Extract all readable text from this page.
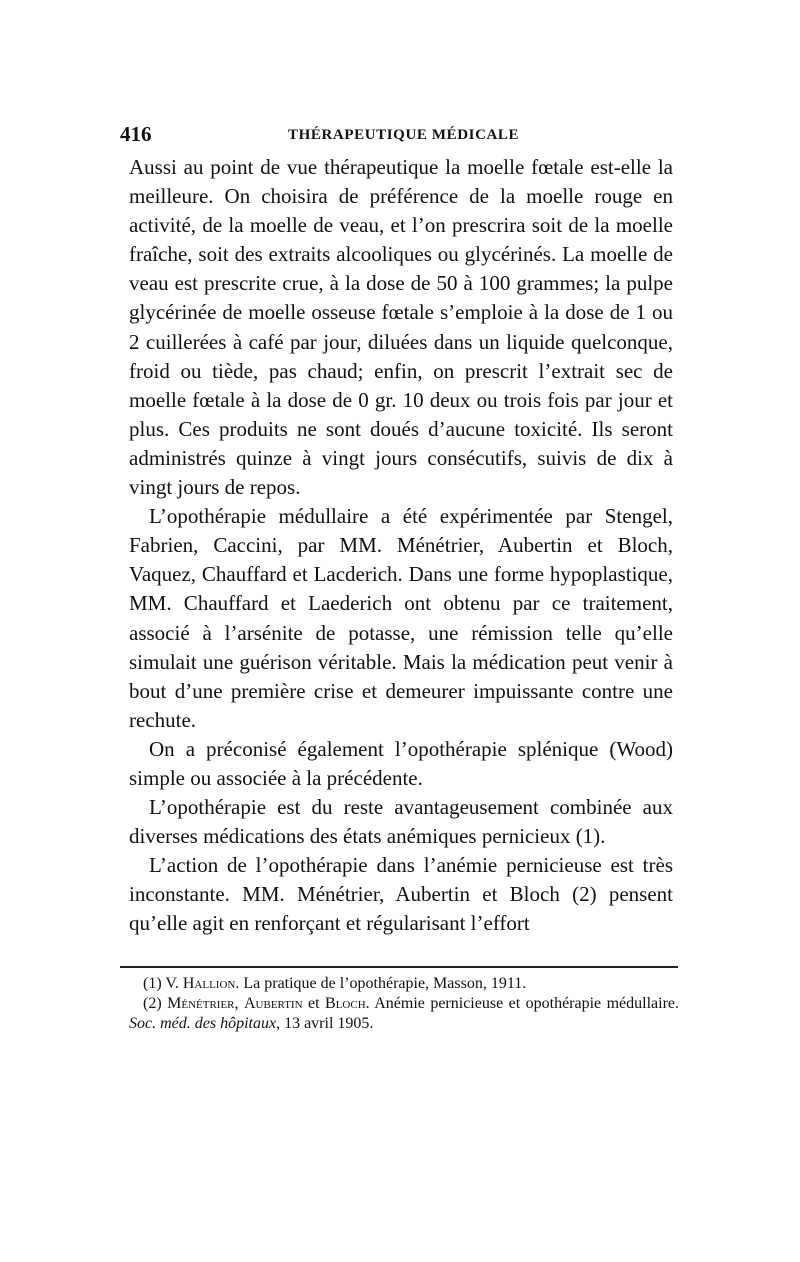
416	THÉRAPEUTIQUE MÉDICALE

Aussi au point de vue thérapeutique la moelle fœtale est-elle la meilleure. On choisira de préférence de la moelle rouge en activité, de la moelle de veau, et l’on prescrira soit de la moelle fraîche, soit des extraits alcooliques ou glycérinés. La moelle de veau est prescrite crue, à la dose de 50 à 100 grammes; la pulpe glycérinée de moelle osseuse fœtale s’emploie à la dose de 1 ou 2 cuillerées à café par jour, diluées dans un liquide quelconque, froid ou tiède, pas chaud; enfin, on prescrit l’extrait sec de moelle fœtale à la dose de 0 gr. 10 deux ou trois fois par jour et plus. Ces produits ne sont doués d’aucune toxicité. Ils seront administrés quinze à vingt jours consécutifs, suivis de dix à vingt jours de repos.

L’opothérapie médullaire a été expérimentée par Stengel, Fabrien, Caccini, par MM. Ménétrier, Aubertin et Bloch, Vaquez, Chauffard et Lacderich. Dans une forme hypoplastique, MM. Chauffard et Laederich ont obtenu par ce traitement, associé à l’arsénite de potasse, une rémission telle qu’elle simulait une guérison véritable. Mais la médication peut venir à bout d’une première crise et demeurer impuissante contre une rechute.

On a préconisé également l’opothérapie splénique (Wood) simple ou associée à la précédente.

L’opothérapie est du reste avantageusement combinée aux diverses médications des états anémiques pernicieux (1).

L’action de l’opothérapie dans l’anémie pernicieuse est très inconstante. MM. Ménétrier, Aubertin et Bloch (2) pensent qu’elle agit en renforçant et régularisant l’effort

(1) V. Hallion. La pratique de l’opothérapie, Masson, 1911.

(2) Ménétrier, Aubertin et Bloch. Anémie pernicieuse et opothérapie médullaire. Soc. méd. des hôpitaux, 13 avril 1905.
